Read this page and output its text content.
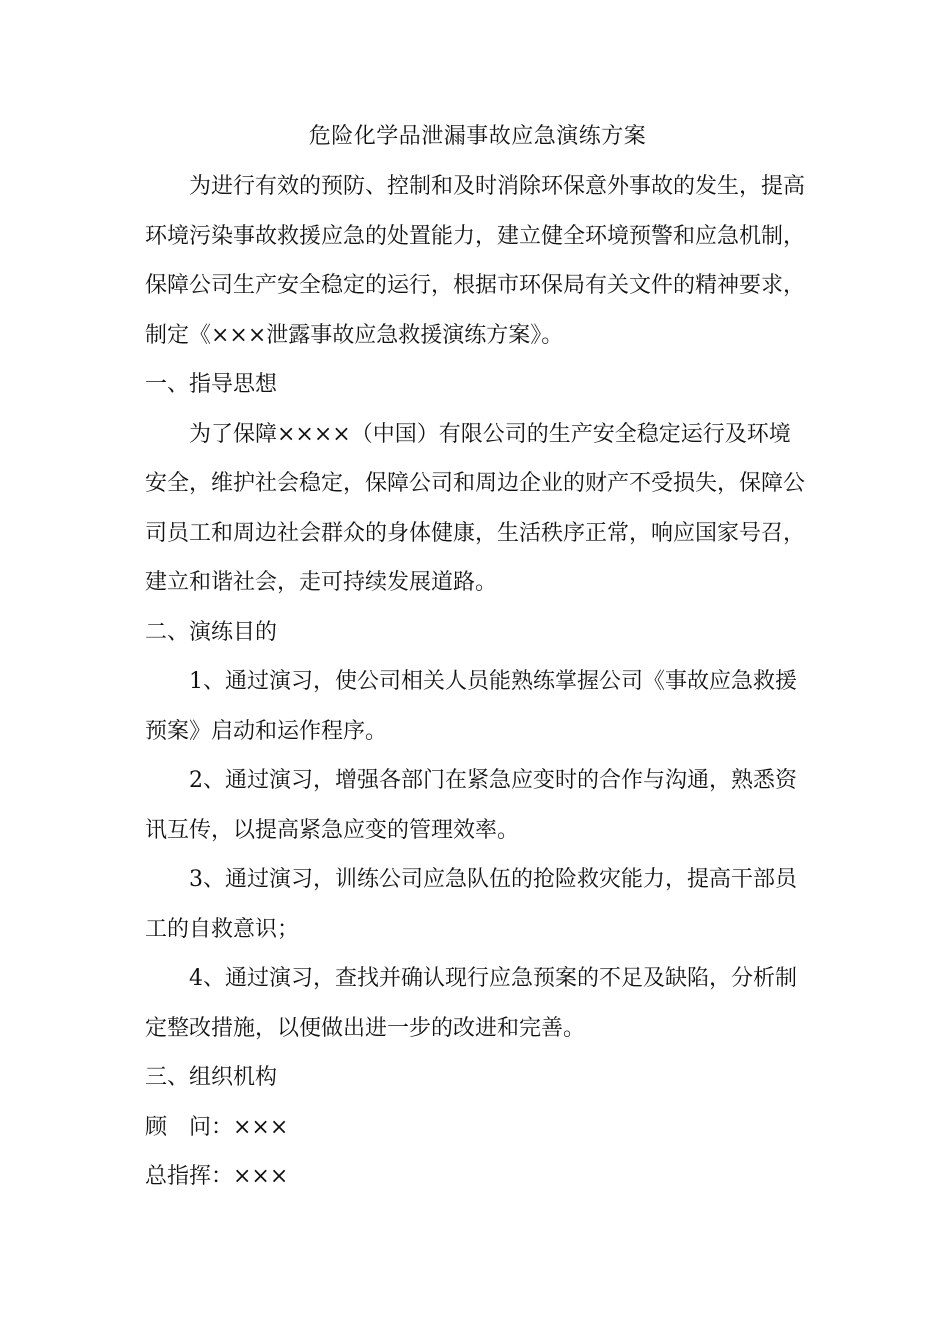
危险化学品泄漏事故应急演练方案

为进行有效的预防、控制和及时消除环保意外事故的发生，提高

环境污染事故救援应急的处置能力，建立健全环境预警和应急机制，
保障公司生产安全稳定的运行，根据市环保局有关文件的精神要求，
制定《×××泄露事故应急救援演练方案》。

一、指导思想

为了保障××××（中国）有限公司的生产安全稳定运行及环境

安全，维护社会稳定，保障公司和周边企业的财产不受损失，保障公
司员工和周边社会群众的身体健康，生活秩序正常，响应国家号召，
建立和谐社会，走可持续发展道路。

二、演练目的

1、通过演习，使公司相关人员能熟练掌握公司《事故应急救援

预案》启动和运作程序。

2、通过演习，增强各部门在紧急应变时的合作与沟通，熟悉资

讯互传，以提高紧急应变的管理效率。

3、通过演习，训练公司应急队伍的抢险救灾能力，提高干部员

工的自救意识；

4、通过演习，查找并确认现行应急预案的不足及缺陷，分析制

定整改措施，以便做出进一步的改进和完善。

三、组织机构

顾　问：×××

总指挥：×××
